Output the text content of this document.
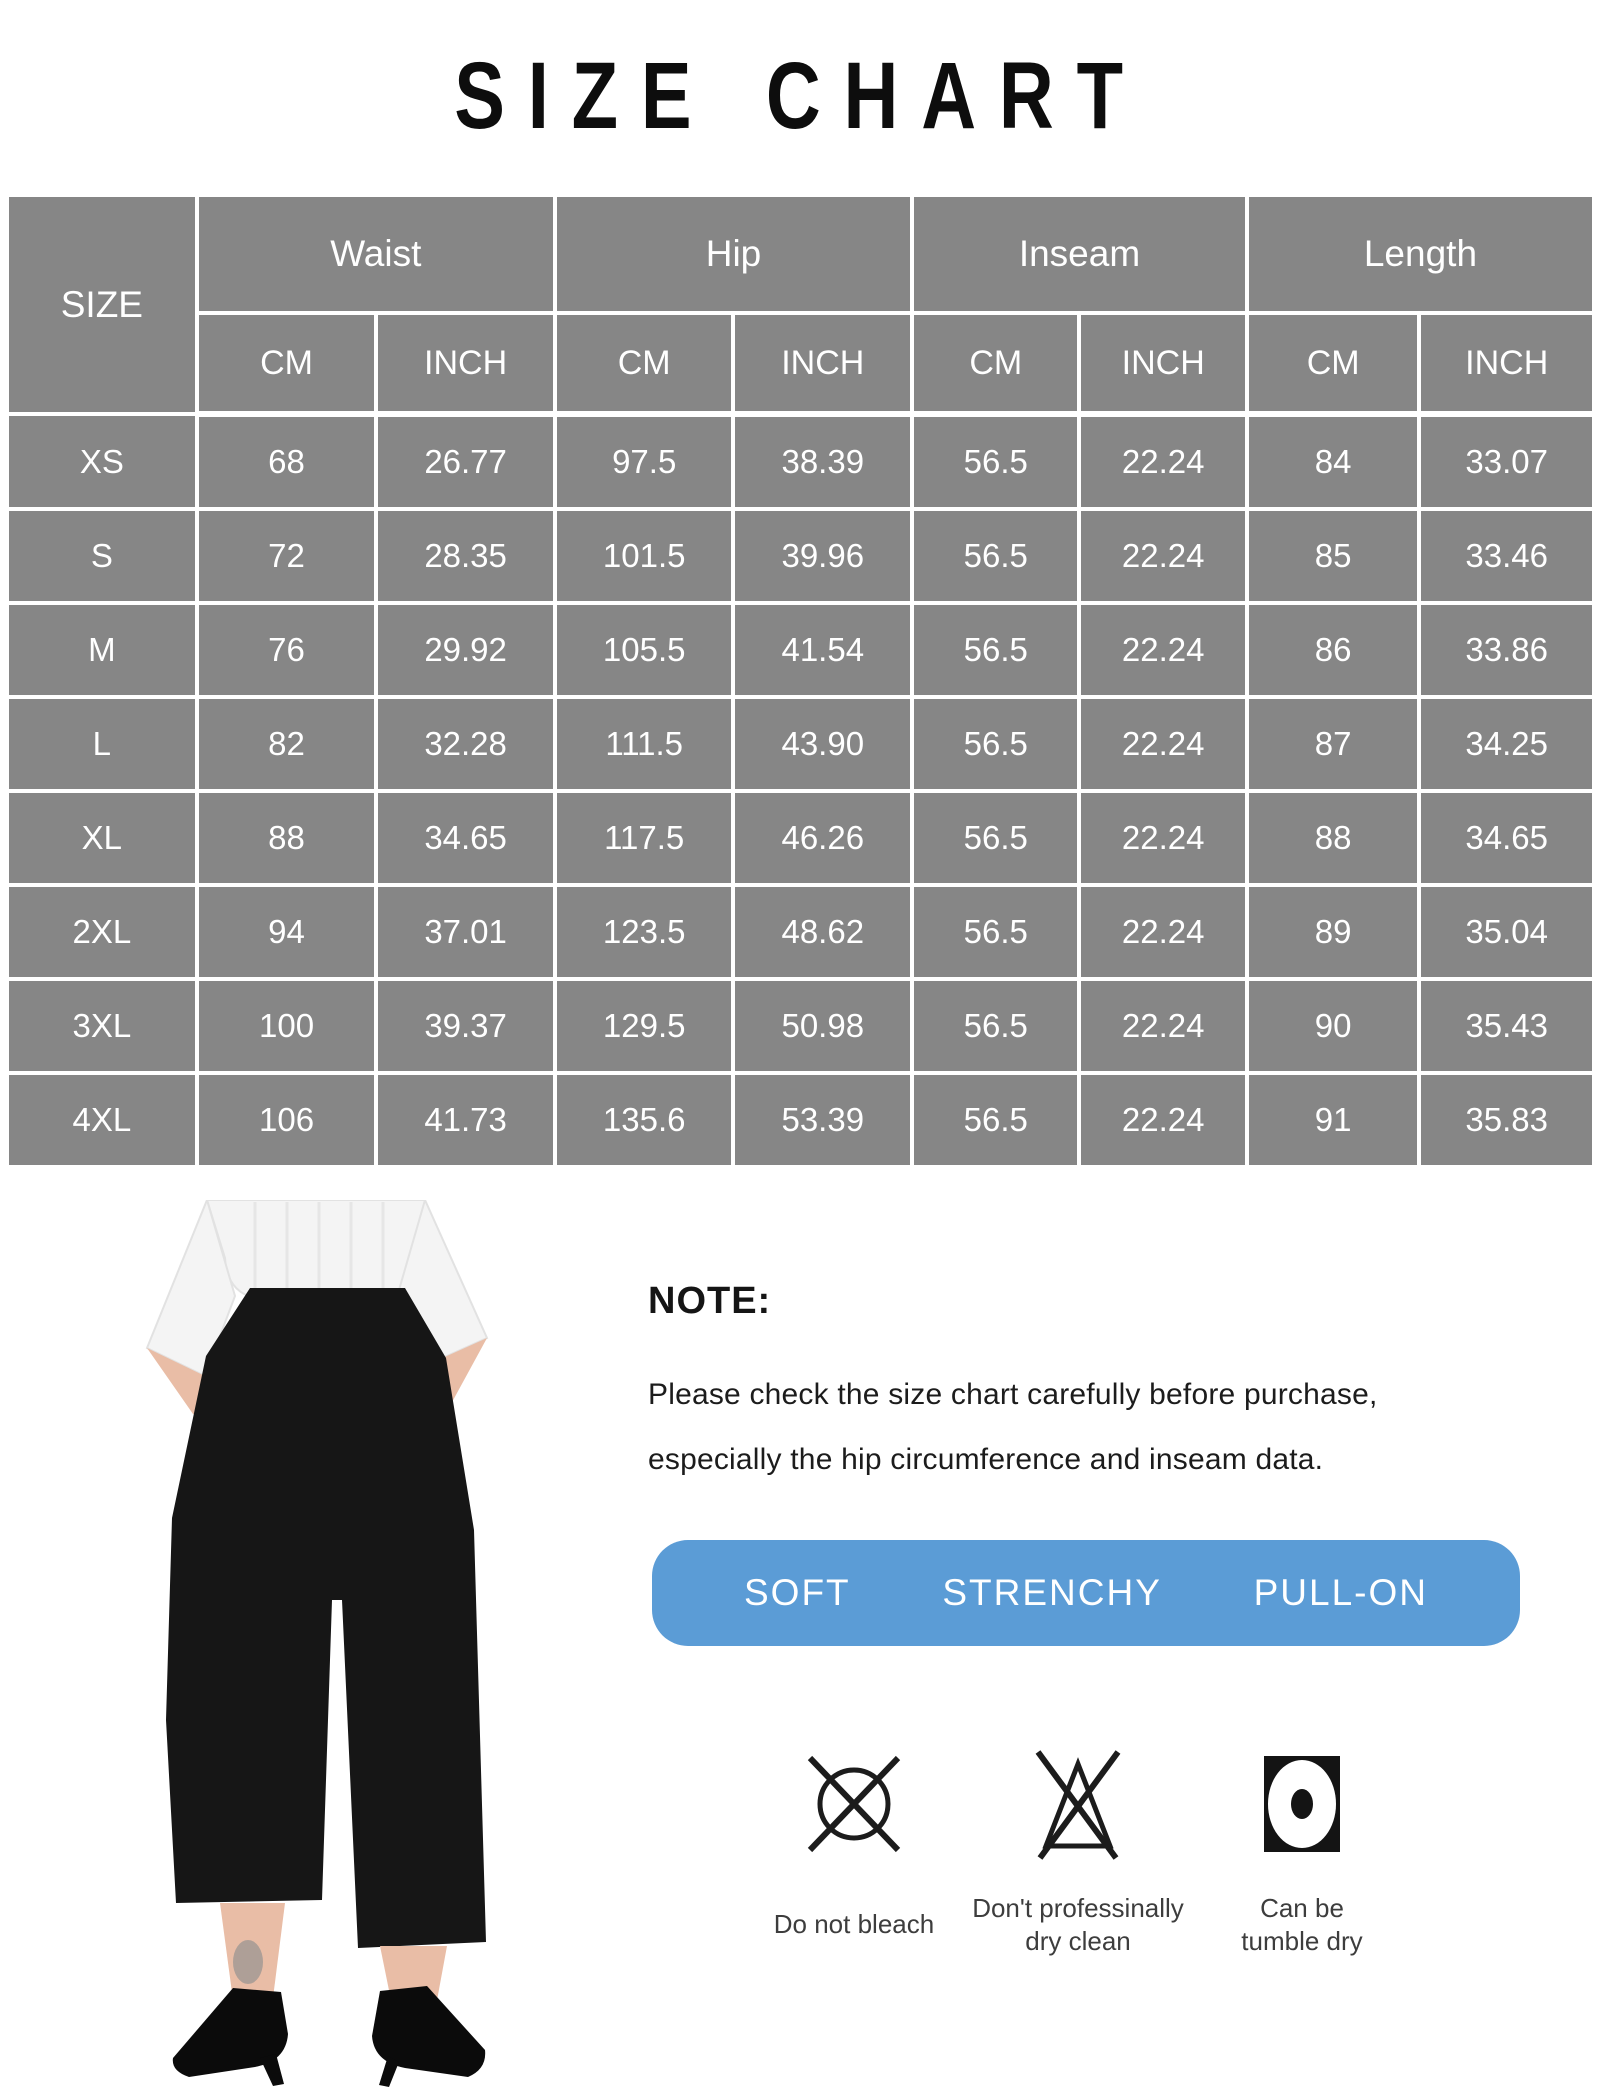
SIZE CHART
SIZE	Waist		Hip		Inseam		Length	
	CM	INCH	CM	INCH	CM	INCH	CM	INCH
XS	68	26.77	97.5	38.39	56.5	22.24	84	33.07
S	72	28.35	101.5	39.96	56.5	22.24	85	33.46
M	76	29.92	105.5	41.54	56.5	22.24	86	33.86
L	82	32.28	111.5	43.90	56.5	22.24	87	34.25
XL	88	34.65	117.5	46.26	56.5	22.24	88	34.65
2XL	94	37.01	123.5	48.62	56.5	22.24	89	35.04
3XL	100	39.37	129.5	50.98	56.5	22.24	90	35.43
4XL	106	41.73	135.6	53.39	56.5	22.24	91	35.83
NOTE:
Please check the size chart carefully before purchase,
especially the hip circumference and inseam data.
SOFT STRENCHY PULL-ON
Do not bleach
Don't professinally
dry clean
Can be
tumble dry
